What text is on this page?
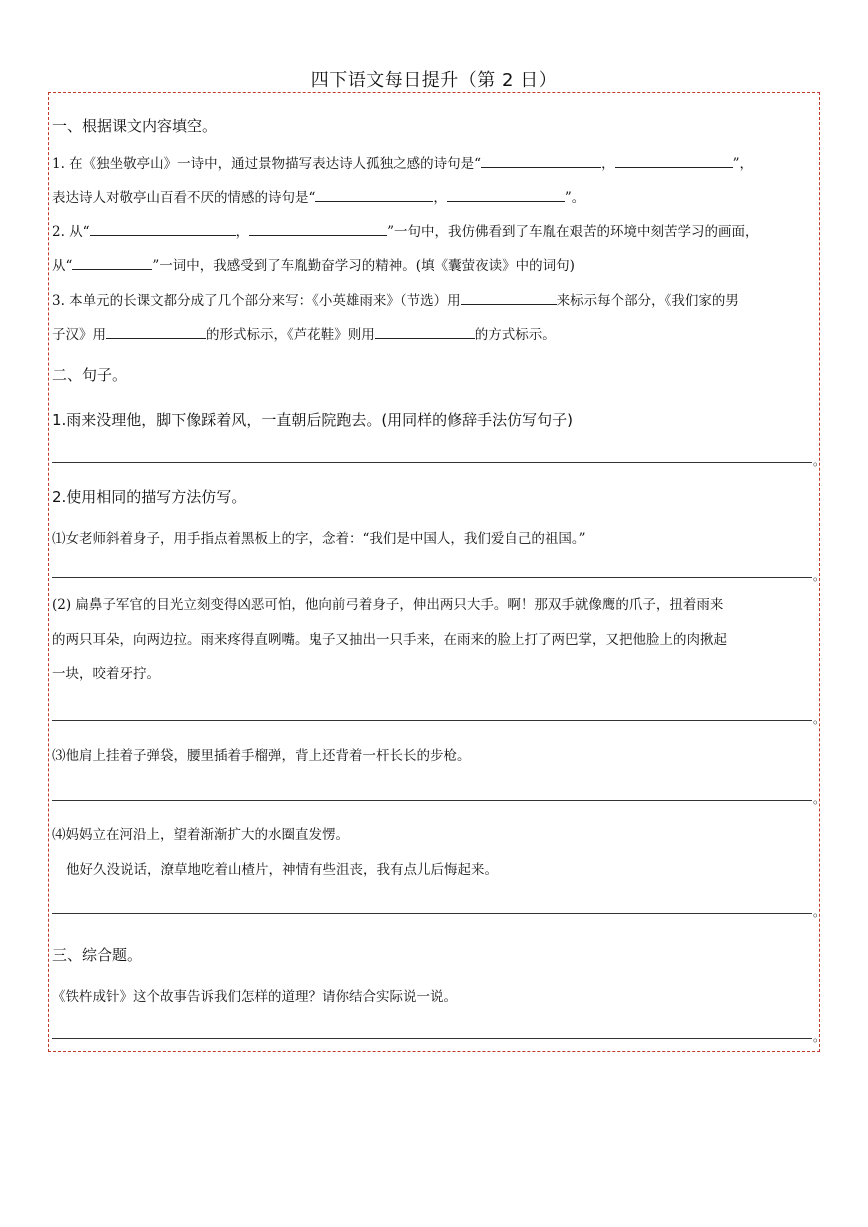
四下语文每日提升（第 2 日）
一、根据课文内容填空。
1. 在《独坐敬亭山》一诗中，通过景物描写表达诗人孤独之感的诗句是“	，	”，
表达诗人对敬亭山百看不厌的情感的诗句是“	，	”。
2. 从“	，	”一句中，我仿佛看到了车胤在艰苦的环境中刻苦学习的画面，
从“	”一词中，我感受到了车胤勤奋学习的精神。(填《囊萤夜读》中的词句)
3. 本单元的长课文都分成了几个部分来写：《小英雄雨来》（节选）用	来标示每个部分，《我们家的男
子汉》用	的形式标示，《芦花鞋》则用	的方式标示。
二、句子。
1.雨来没理他，脚下像踩着风，一直朝后院跑去。(用同样的修辞手法仿写句子)
。
2.使用相同的描写方法仿写。
⑴女老师斜着身子，用手指点着黑板上的字，念着：“我们是中国人，我们爱自己的祖国。”
。
(2) 扁鼻子军官的目光立刻变得凶恶可怕，他向前弓着身子，伸出两只大手。啊！那双手就像鹰的爪子，扭着雨来
的两只耳朵，向两边拉。雨来疼得直咧嘴。鬼子又抽出一只手来，在雨来的脸上打了两巴掌，又把他脸上的肉揪起
一块，咬着牙拧。
。
⑶他肩上挂着子弹袋，腰里插着手榴弹，背上还背着一杆长长的步枪。
。
⑷妈妈立在河沿上，望着渐渐扩大的水圈直发愣。
他好久没说话，潦草地吃着山楂片，神情有些沮丧，我有点儿后悔起来。
。
三、综合题。
《铁杵成针》这个故事告诉我们怎样的道理？请你结合实际说一说。
。
